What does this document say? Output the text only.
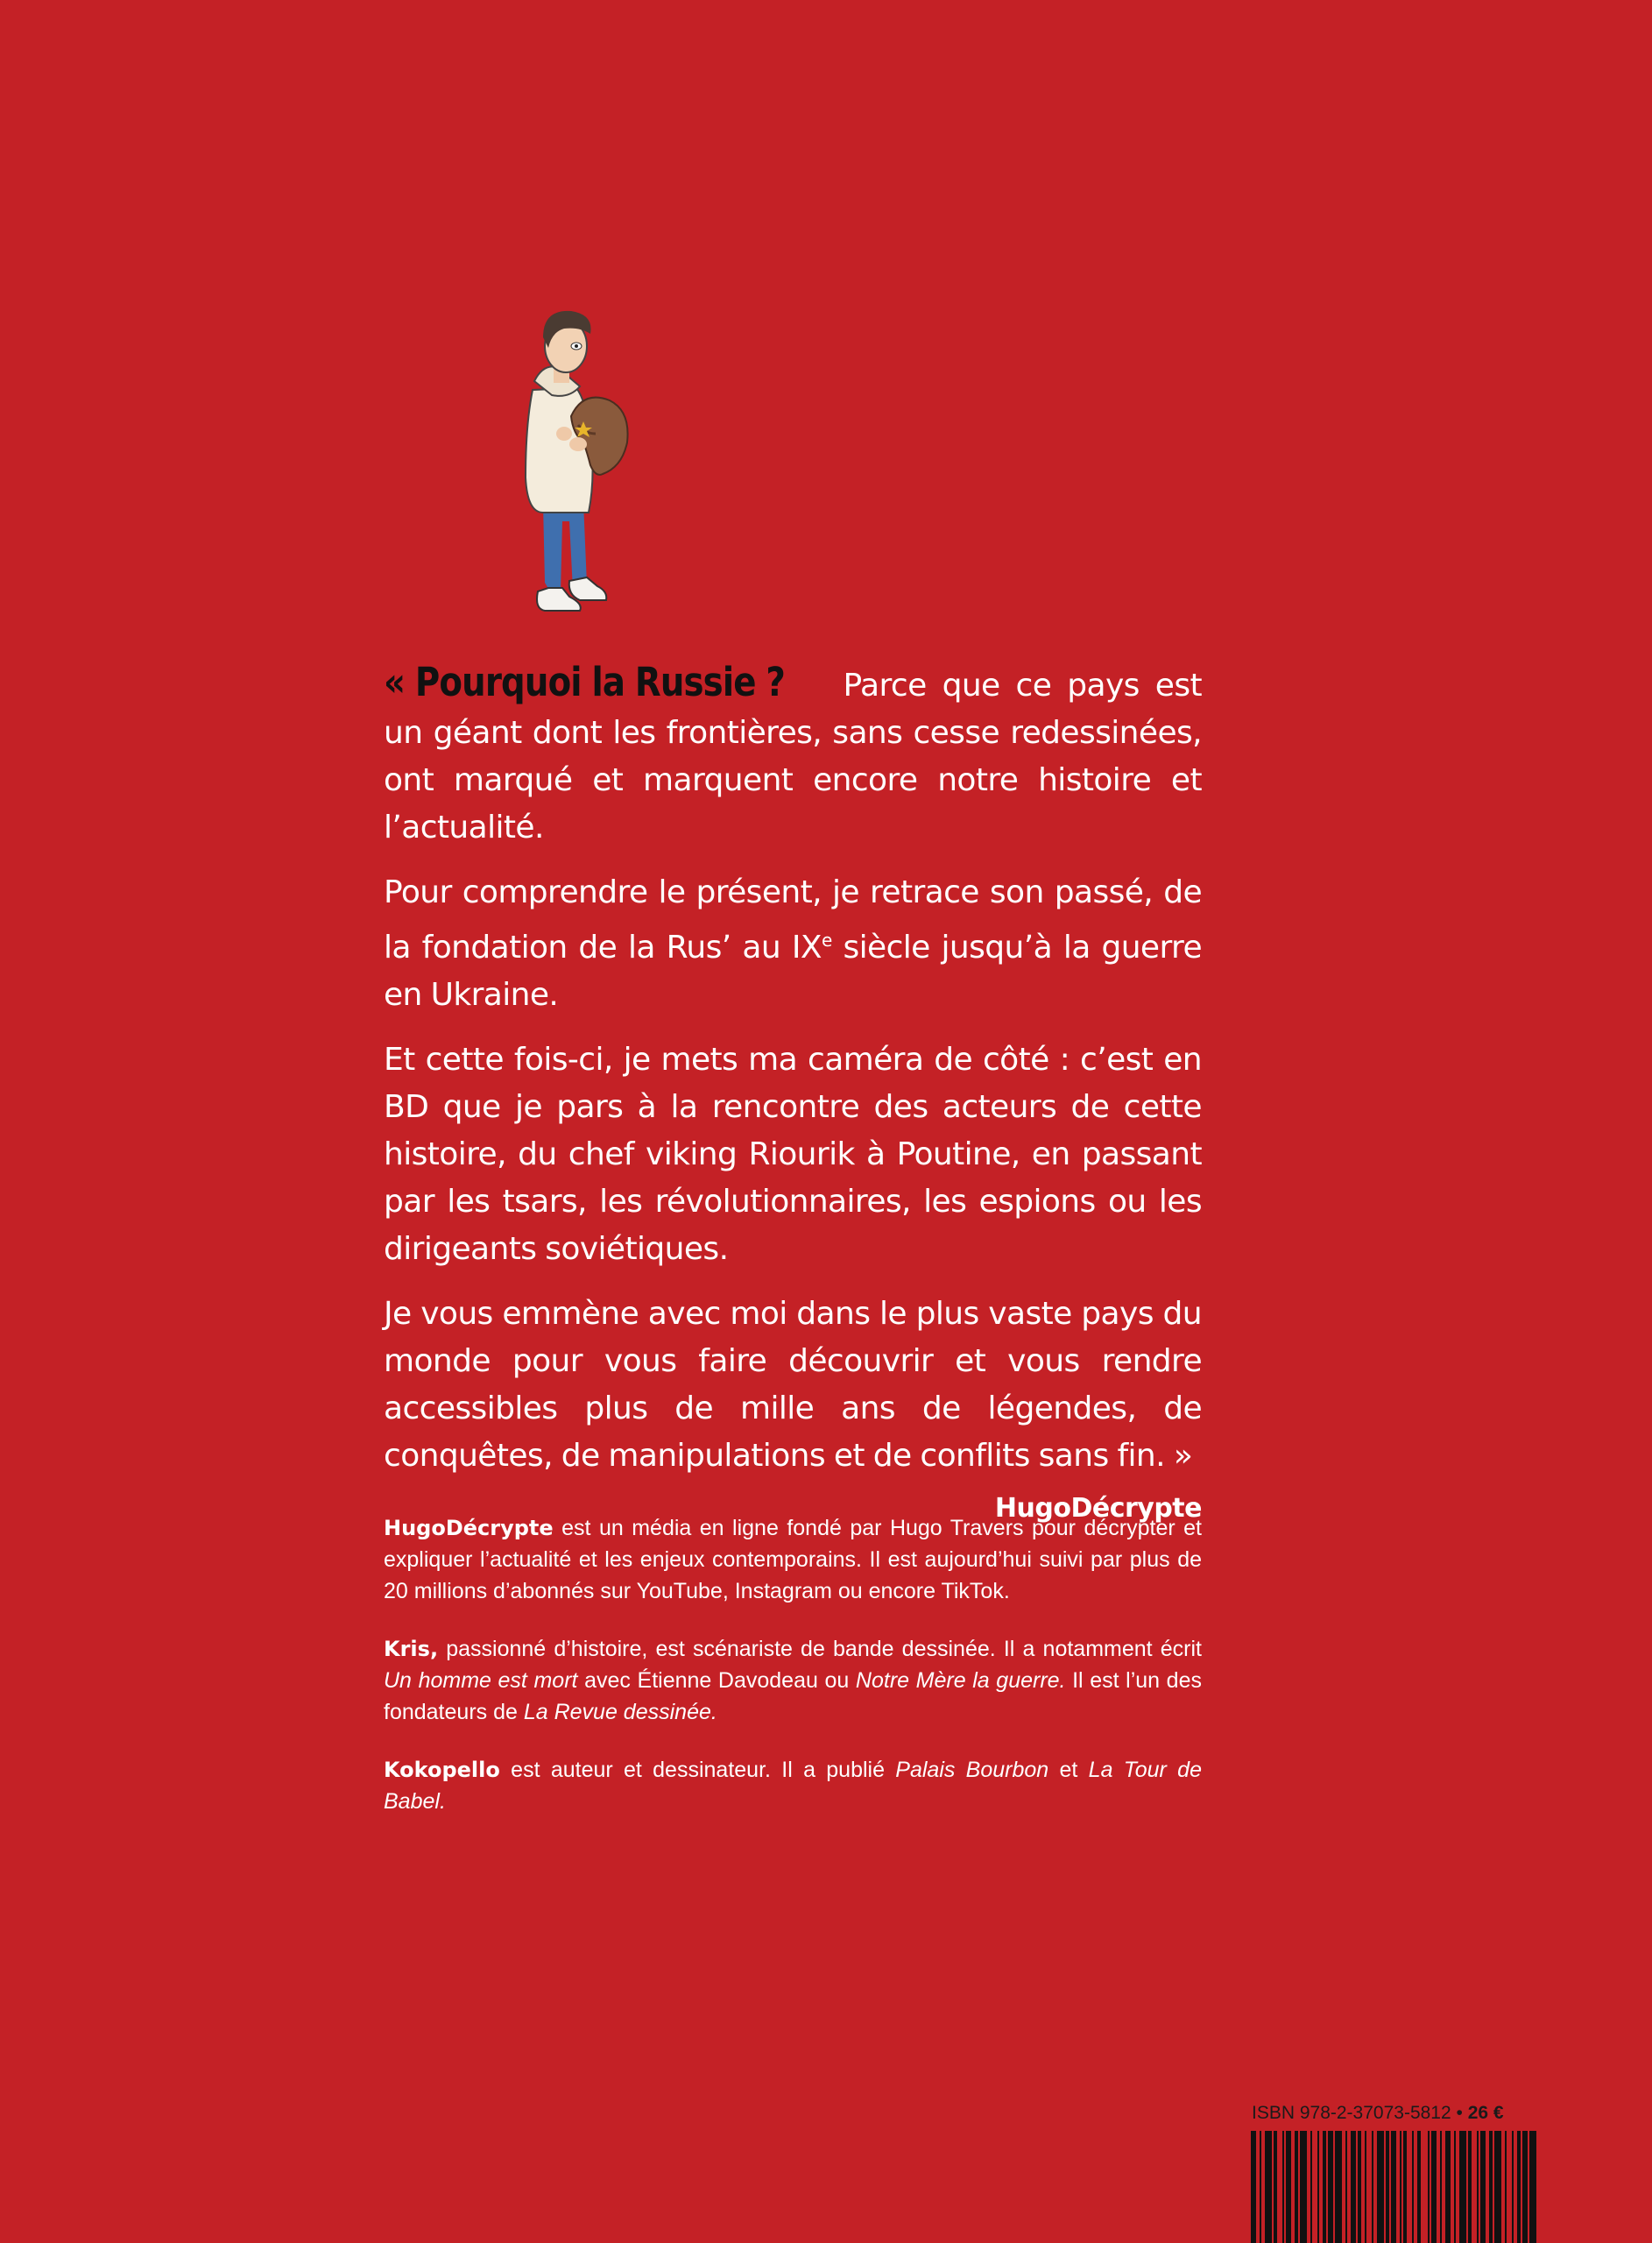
« Pourquoi la Russie ? Parce que ce pays est un géant dont les frontières, sans cesse redessinées, ont marqué et marquent encore notre histoire et l’actualité.

Pour comprendre le présent, je retrace son passé, de la fondation de la Rus’ au IXe siècle jusqu’à la guerre en Ukraine.

Et cette fois-ci, je mets ma caméra de côté : c’est en BD que je pars à la rencontre des acteurs de cette histoire, du chef viking Riourik à Poutine, en passant par les tsars, les révolutionnaires, les espions ou les dirigeants soviétiques.

Je vous emmène avec moi dans le plus vaste pays du monde pour vous faire découvrir et vous rendre accessibles plus de mille ans de légendes, de conquêtes, de manipulations et de conflits sans fin. »

HugoDécrypte

HugoDécrypte est un média en ligne fondé par Hugo Travers pour décrypter et expliquer l’actualité et les enjeux contemporains. Il est aujourd’hui suivi par plus de 20 millions d’abonnés sur YouTube, Instagram ou encore TikTok.

Kris, passionné d’histoire, est scénariste de bande dessinée. Il a notamment écrit Un homme est mort avec Étienne Davodeau ou Notre Mère la guerre. Il est l’un des fondateurs de La Revue dessinée.

Kokopello est auteur et dessinateur. Il a publié Palais Bourbon et La Tour de Babel.

ISBN 978-2-37073-5812 • 26 €
